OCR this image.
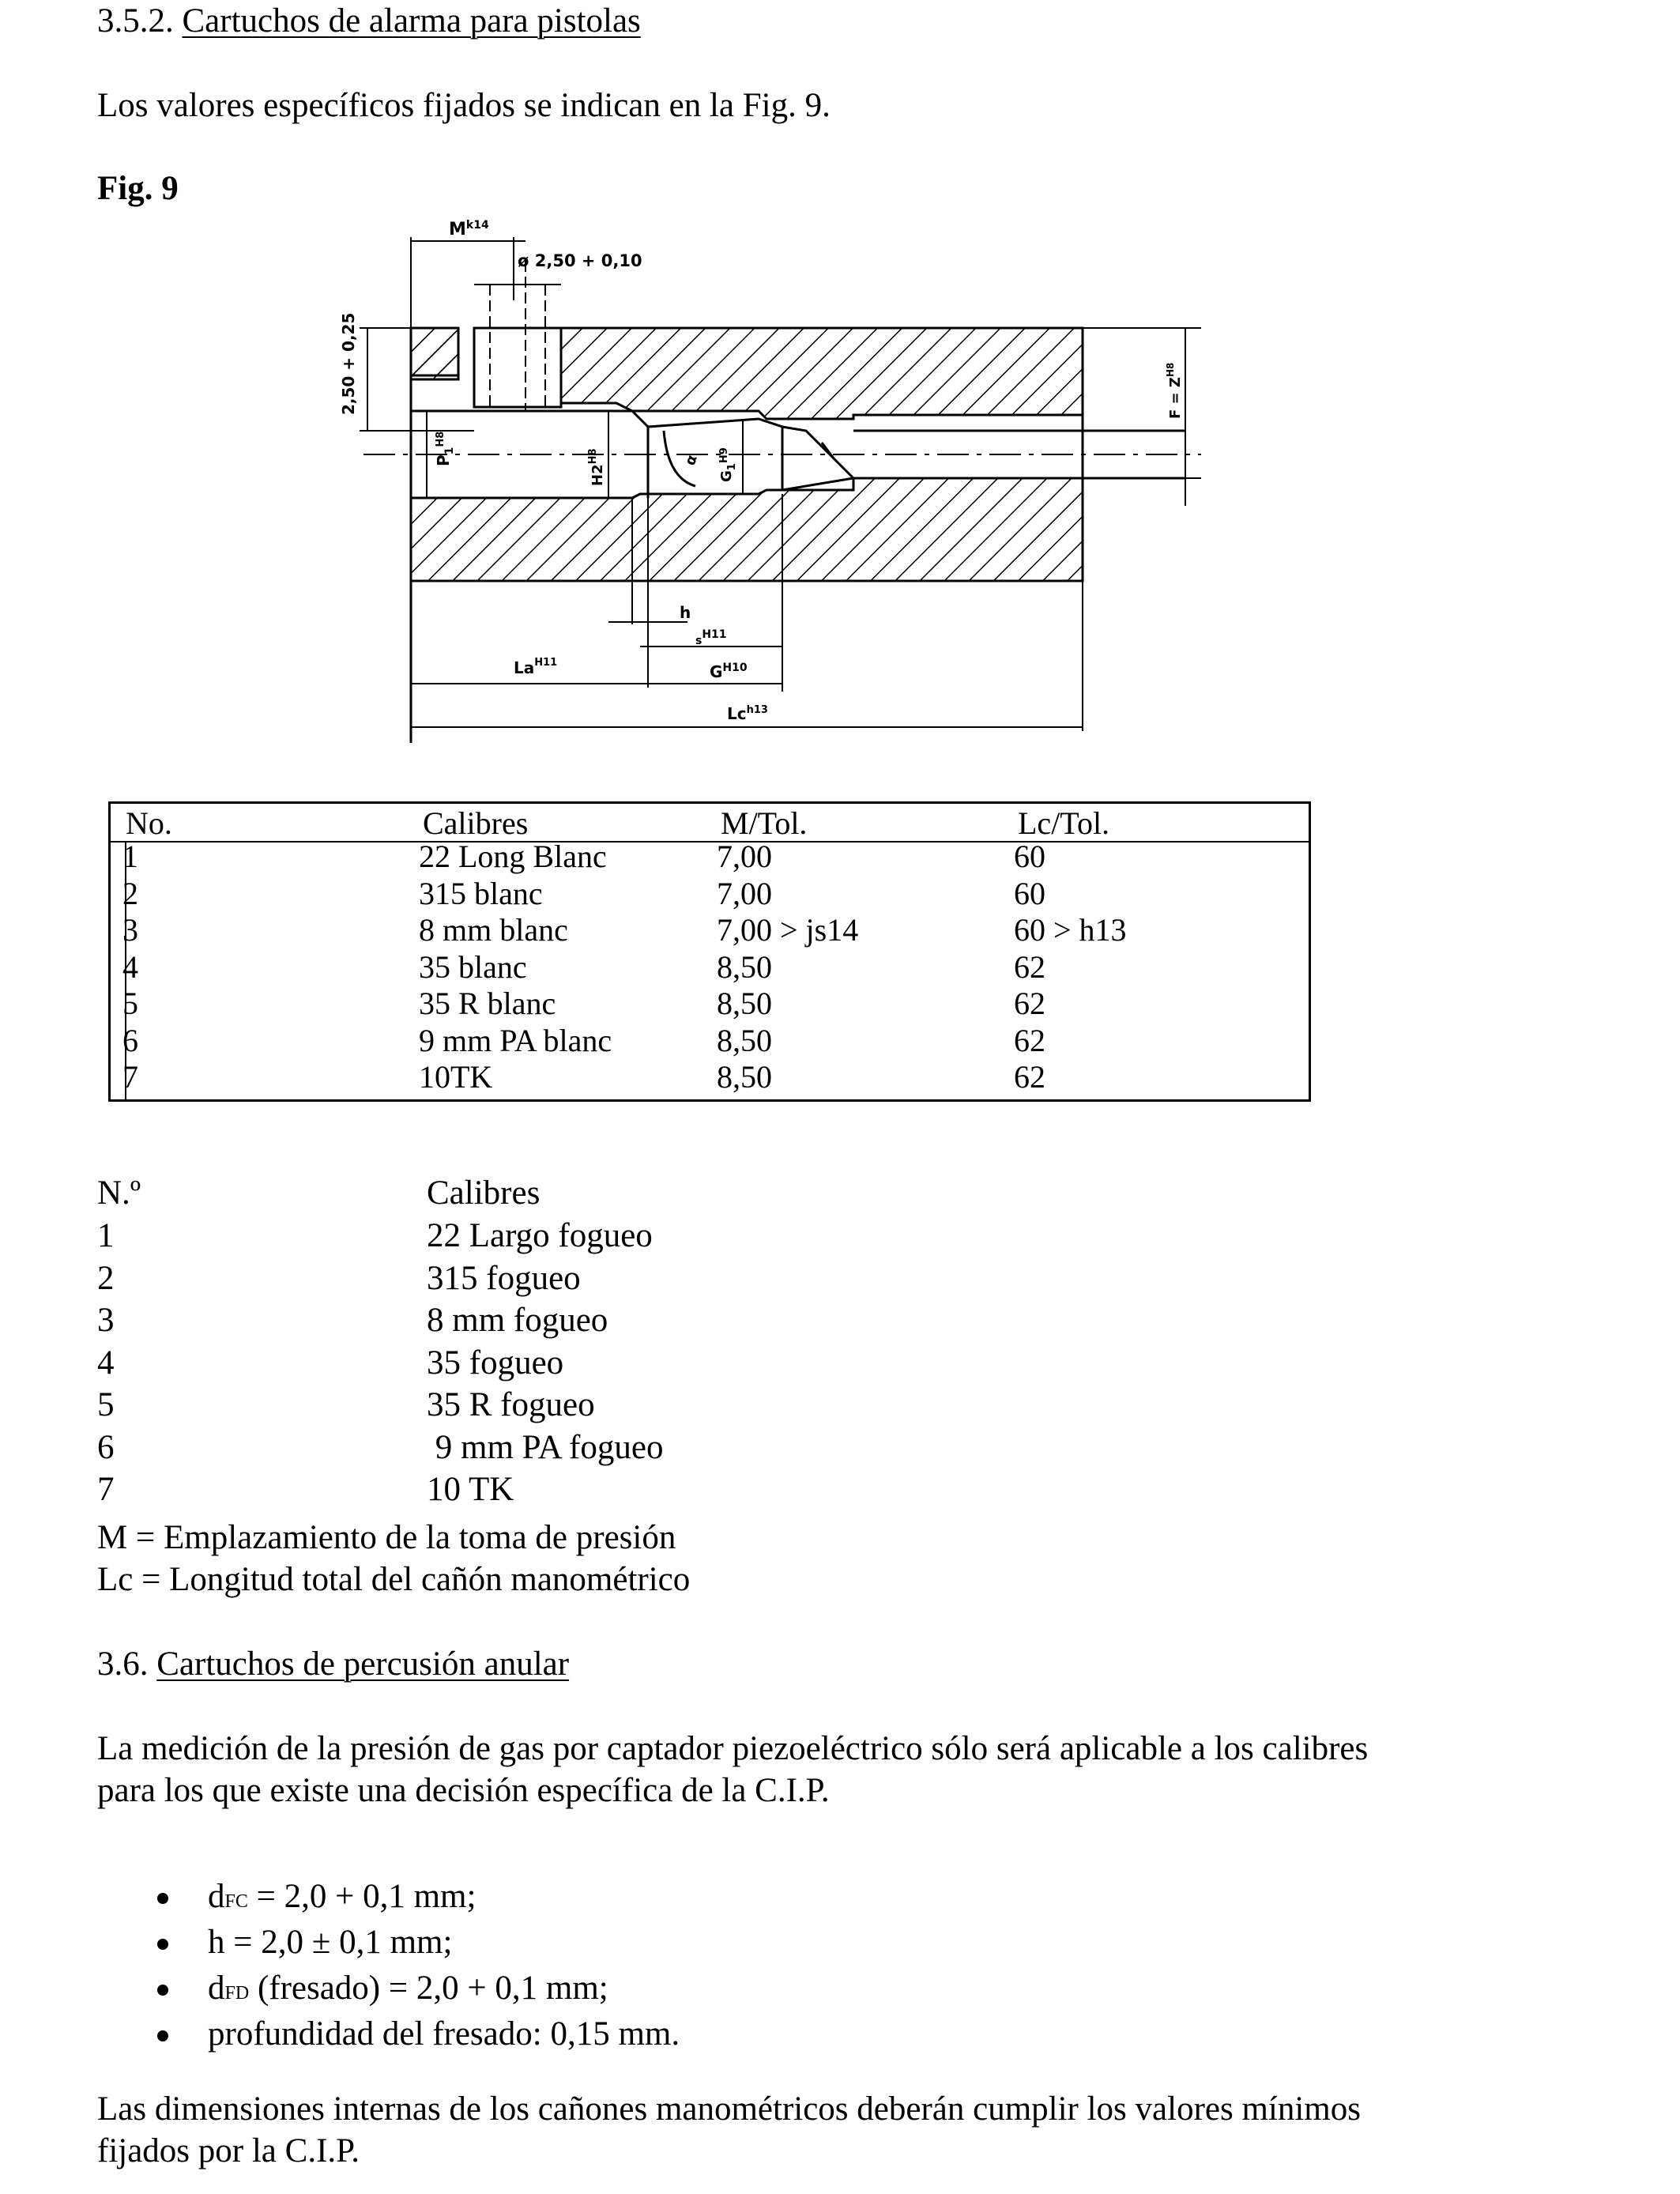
3.5.2. Cartuchos de alarma para pistolas
Los valores específicos fijados se indican en la Fig. 9.
Fig. 9
$M^{k14}$
ø 2,50 + 0,10
2,50 + 0,25
$P_1^{H8}$
$H2^{H8}$	α
$G_1^{H9}$
$F = Z^{H8}$
h
sH11
$La^{H11}$	$G^{H10}$
$Lc^{h13}$
No.	Calibres	M/Tol.	Lc/Tol.
1	22 Long Blanc	7,00	60
2	315 blanc	7,00	60
3	8 mm blanc	7,00 > js14	60 > h13
4	35 blanc	8,50	62
5	35 R blanc	8,50	62
6	9 mm PA blanc	8,50	62
7	10TK	8,50	62
N.º	Calibres
1	22 Largo fogueo
2	315 fogueo
3	8 mm fogueo
4	35 fogueo
5	35 R fogueo
6	9 mm PA fogueo
7	10 TK
M = Emplazamiento de la toma de presión
Lc = Longitud total del cañón manométrico
3.6. Cartuchos de percusión anular
La medición de la presión de gas por captador piezoeléctrico sólo será aplicable a los calibres
para los que existe una decisión específica de la C.I.P.
dFC = 2,0 + 0,1 mm;
h = 2,0 ± 0,1 mm;
dFD (fresado) = 2,0 + 0,1 mm;
profundidad del fresado: 0,15 mm.
Las dimensiones internas de los cañones manométricos deberán cumplir los valores mínimos
fijados por la C.I.P.
